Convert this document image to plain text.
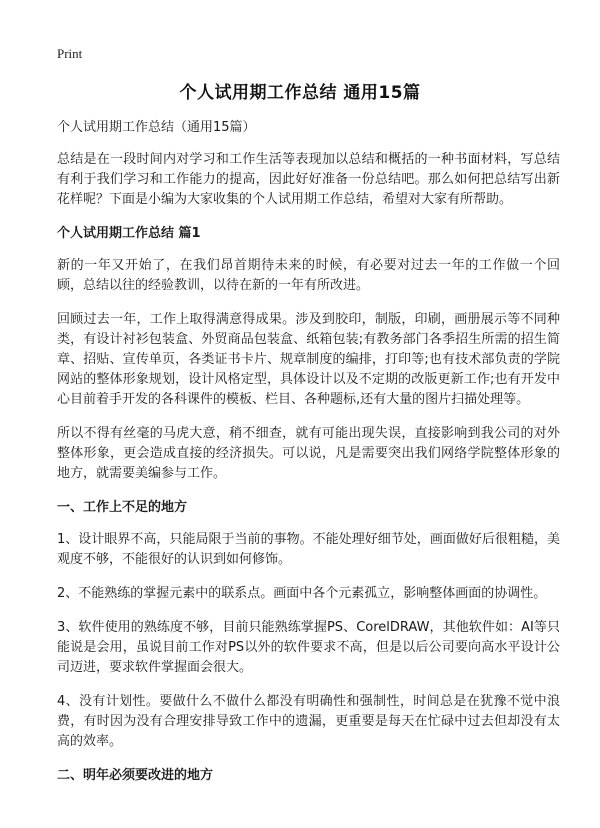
Print
个人试用期工作总结 通用15篇

个人试用期工作总结（通用15篇）

总结是在一段时间内对学习和工作生活等表现加以总结和概括的一种书面材料，写总结有利于我们学习和工作能力的提高，因此好好准备一份总结吧。那么如何把总结写出新花样呢？下面是小编为大家收集的个人试用期工作总结，希望对大家有所帮助。

个人试用期工作总结 篇1

新的一年又开始了，在我们昂首期待未来的时候，有必要对过去一年的工作做一个回顾，总结以往的经验教训，以待在新的一年有所改进。

回顾过去一年，工作上取得满意得成果。涉及到胶印，制版，印刷，画册展示等不同种类，有设计衬衫包装盒、外贸商品包装盒、纸箱包装;有教务部门各季招生所需的招生简章、招贴、宣传单页，各类证书卡片、规章制度的编排，打印等;也有技术部负责的学院网站的整体形象规划，设计风格定型，具体设计以及不定期的改版更新工作;也有开发中心目前着手开发的各科课件的模板、栏目、各种题标,还有大量的图片扫描处理等。

所以不得有丝毫的马虎大意，稍不细查，就有可能出现失误，直接影响到我公司的对外整体形象，更会造成直接的经济损失。可以说，凡是需要突出我们网络学院整体形象的地方，就需要美编参与工作。

一、工作上不足的地方

1、设计眼界不高，只能局限于当前的事物。不能处理好细节处，画面做好后很粗糙，美观度不够，不能很好的认识到如何修饰。

2、不能熟练的掌握元素中的联系点。画面中各个元素孤立，影响整体画面的协调性。

3、软件使用的熟练度不够，目前只能熟练掌握PS、CorelDRAW，其他软件如：AI等只能说是会用，虽说目前工作对PS以外的软件要求不高，但是以后公司要向高水平设计公司迈进，要求软件掌握面会很大。

4、没有计划性。要做什么不做什么都没有明确性和强制性，时间总是在犹豫不觉中浪费，有时因为没有合理安排导致工作中的遗漏，更重要是每天在忙碌中过去但却没有太高的效率。

二、明年必须要改进的地方
